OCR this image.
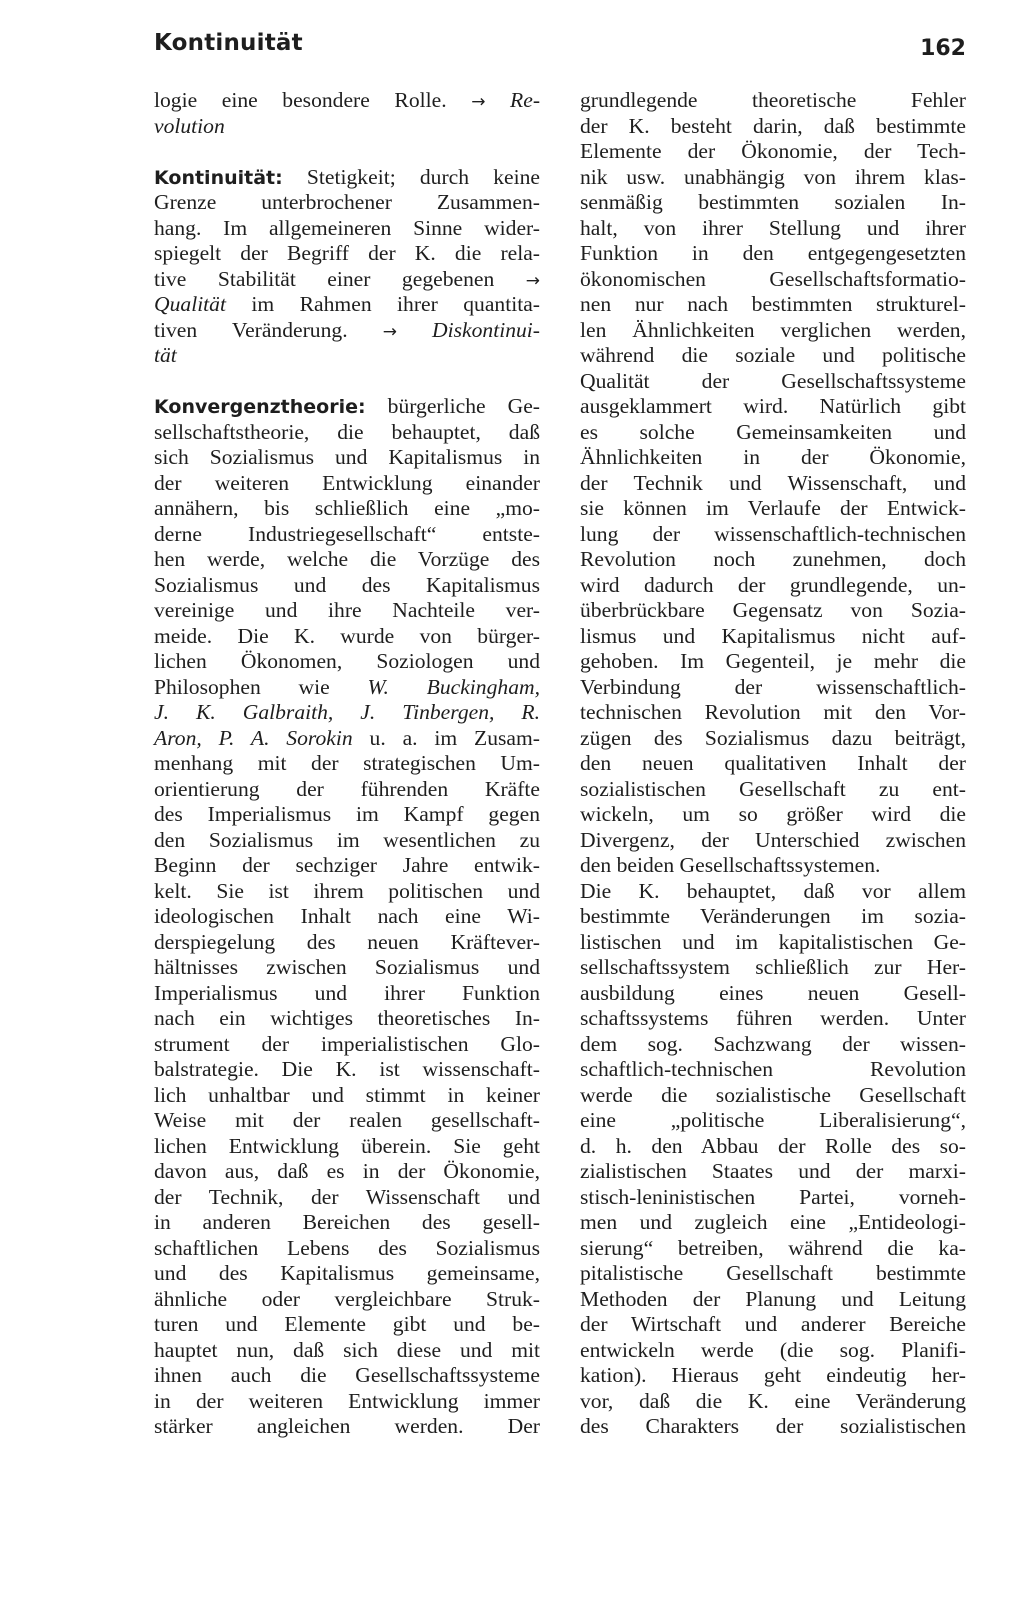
Kontinuität	162
logie eine besondere Rolle. → Re-
volution
Kontinuität: Stetigkeit; durch keine
Grenze unterbrochener Zusammen-
hang. Im allgemeineren Sinne wider-
spiegelt der Begriff der K. die rela-
tive Stabilität einer gegebenen →
Qualität im Rahmen ihrer quantita-
tiven Veränderung. → Diskontinui-
tät
Konvergenztheorie: bürgerliche Ge-
sellschaftstheorie, die behauptet, daß
sich Sozialismus und Kapitalismus in
der weiteren Entwicklung einander
annähern, bis schließlich eine „mo-
derne Industriegesellschaft“ entste-
hen werde, welche die Vorzüge des
Sozialismus und des Kapitalismus
vereinige und ihre Nachteile ver-
meide. Die K. wurde von bürger-
lichen Ökonomen, Soziologen und
Philosophen wie W. Buckingham,
J. K. Galbraith, J. Tinbergen, R.
Aron, P. A. Sorokin u. a. im Zusam-
menhang mit der strategischen Um-
orientierung der führenden Kräfte
des Imperialismus im Kampf gegen
den Sozialismus im wesentlichen zu
Beginn der sechziger Jahre entwik-
kelt. Sie ist ihrem politischen und
ideologischen Inhalt nach eine Wi-
derspiegelung des neuen Kräftever-
hältnisses zwischen Sozialismus und
Imperialismus und ihrer Funktion
nach ein wichtiges theoretisches In-
strument der imperialistischen Glo-
balstrategie. Die K. ist wissenschaft-
lich unhaltbar und stimmt in keiner
Weise mit der realen gesellschaft-
lichen Entwicklung überein. Sie geht
davon aus, daß es in der Ökonomie,
der Technik, der Wissenschaft und
in anderen Bereichen des gesell-
schaftlichen Lebens des Sozialismus
und des Kapitalismus gemeinsame,
ähnliche oder vergleichbare Struk-
turen und Elemente gibt und be-
hauptet nun, daß sich diese und mit
ihnen auch die Gesellschaftssysteme
in der weiteren Entwicklung immer
stärker angleichen werden. Der
grundlegende theoretische Fehler
der K. besteht darin, daß bestimmte
Elemente der Ökonomie, der Tech-
nik usw. unabhängig von ihrem klas-
senmäßig bestimmten sozialen In-
halt, von ihrer Stellung und ihrer
Funktion in den entgegengesetzten
ökonomischen Gesellschaftsformatio-
nen nur nach bestimmten strukturel-
len Ähnlichkeiten verglichen werden,
während die soziale und politische
Qualität der Gesellschaftssysteme
ausgeklammert wird. Natürlich gibt
es solche Gemeinsamkeiten und
Ähnlichkeiten in der Ökonomie,
der Technik und Wissenschaft, und
sie können im Verlaufe der Entwick-
lung der wissenschaftlich-technischen
Revolution noch zunehmen, doch
wird dadurch der grundlegende, un-
überbrückbare Gegensatz von Sozia-
lismus und Kapitalismus nicht auf-
gehoben. Im Gegenteil, je mehr die
Verbindung der wissenschaftlich-
technischen Revolution mit den Vor-
zügen des Sozialismus dazu beiträgt,
den neuen qualitativen Inhalt der
sozialistischen Gesellschaft zu ent-
wickeln, um so größer wird die
Divergenz, der Unterschied zwischen
den beiden Gesellschaftssystemen.
Die K. behauptet, daß vor allem
bestimmte Veränderungen im sozia-
listischen und im kapitalistischen Ge-
sellschaftssystem schließlich zur Her-
ausbildung eines neuen Gesell-
schaftssystems führen werden. Unter
dem sog. Sachzwang der wissen-
schaftlich-technischen Revolution
werde die sozialistische Gesellschaft
eine „politische Liberalisierung“,
d. h. den Abbau der Rolle des so-
zialistischen Staates und der marxi-
stisch-leninistischen Partei, vorneh-
men und zugleich eine „Entideologi-
sierung“ betreiben, während die ka-
pitalistische Gesellschaft bestimmte
Methoden der Planung und Leitung
der Wirtschaft und anderer Bereiche
entwickeln werde (die sog. Planifi-
kation). Hieraus geht eindeutig her-
vor, daß die K. eine Veränderung
des Charakters der sozialistischen
